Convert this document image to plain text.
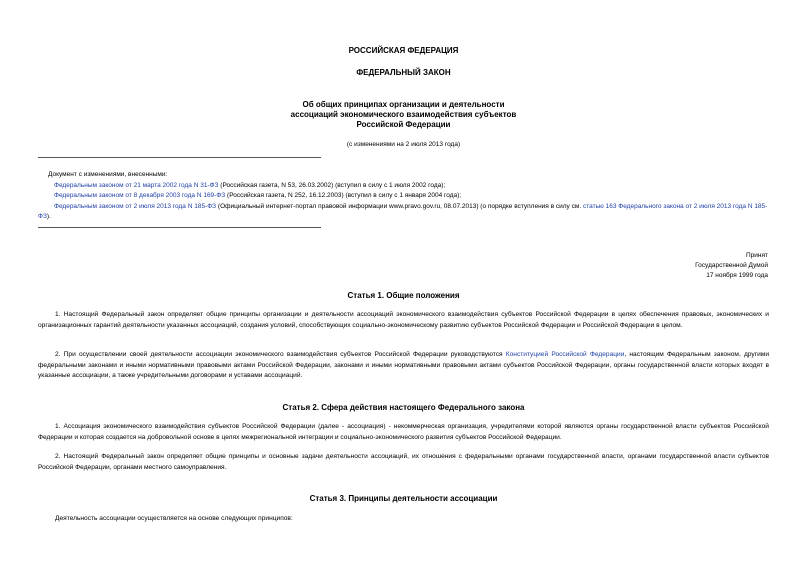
РОССИЙСКАЯ ФЕДЕРАЦИЯ
ФЕДЕРАЛЬНЫЙ ЗАКОН
Об общих принципах организации и деятельности
ассоциаций экономического взаимодействия субъектов
Российской Федерации
(с изменениями на 2 июля 2013 года)
Документ с изменениями, внесенными:
Федеральным законом от 21 марта 2002 года N 31-ФЗ (Российская газета, N 53, 26.03.2002) (вступил в силу с 1 июля 2002 года);
Федеральным законом от 8 декабря 2003 года N 169-ФЗ (Российская газета, N 252, 16.12.2003) (вступил в силу с 1 января 2004 года);
Федеральным законом от 2 июля 2013 года N 185-ФЗ (Официальный интернет-портал правовой информации www.pravo.gov.ru, 08.07.2013) (о порядке вступления в силу см. статью 163 Федерального закона от 2 июля 2013 года N 185-ФЗ).
Принят
Государственной Думой
17 ноября 1999 года
Статья 1. Общие положения
1. Настоящий Федеральный закон определяет общие принципы организации и деятельности ассоциаций экономического взаимодействия субъектов Российской Федерации в целях обеспечения правовых, экономических и организационных гарантий деятельности указанных ассоциаций, создания условий, способствующих социально-экономическому развитию субъектов Российской Федерации и Российской Федерации в целом.
2. При осуществлении своей деятельности ассоциации экономического взаимодействия субъектов Российской Федерации руководствуются Конституцией Российской Федерации, настоящим Федеральным законом, другими федеральными законами и иными нормативными правовыми актами Российской Федерации, законами и иными нормативными правовыми актами субъектов Российской Федерации, органы государственной власти которых входят в указанные ассоциации, а также учредительными договорами и уставами ассоциаций.
Статья 2. Сфера действия настоящего Федерального закона
1. Ассоциация экономического взаимодействия субъектов Российской Федерации (далее - ассоциация) - некоммерческая организация, учредителями которой являются органы государственной власти субъектов Российской Федерации и которая создается на добровольной основе в целях межрегиональной интеграции и социально-экономического развития субъектов Российской Федерации.
2. Настоящий Федеральный закон определяет общие принципы и основные задачи деятельности ассоциаций, их отношения с федеральными органами государственной власти, органами государственной власти субъектов Российской Федерации, органами местного самоуправления.
Статья 3. Принципы деятельности ассоциации
Деятельность ассоциации осуществляется на основе следующих принципов:
